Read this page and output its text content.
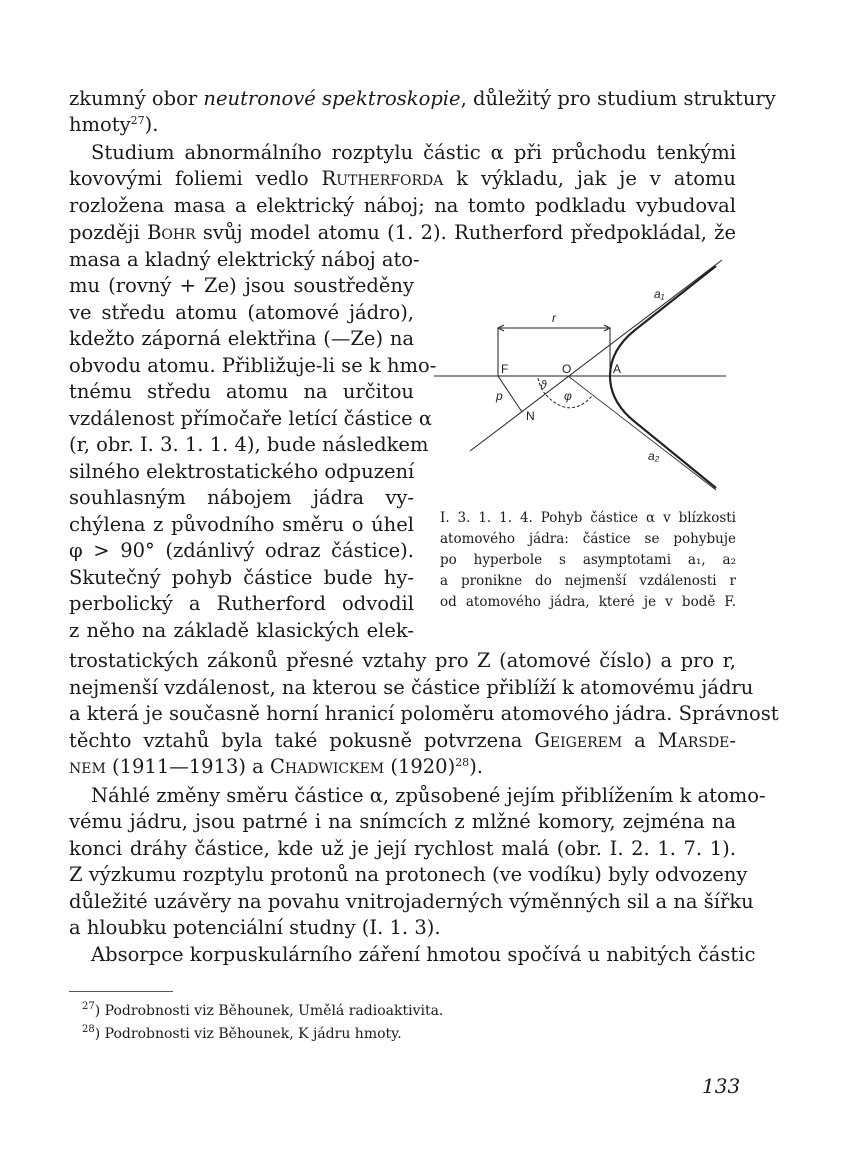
zkumný obor neutronové spektroskopie, důležitý pro studium struktury
hmoty$^{27}$).
Studium abnormálního rozptylu částic α při průchodu tenkými
kovovými foliemi vedlo Rutherforda k výkladu, jak je v atomu
rozložena masa a elektrický náboj; na tomto podkladu vybudoval
později Bohr svůj model atomu (1. 2). Rutherford předpokládal, že
masa a kladný elektrický náboj ato-
mu (rovný + Ze) jsou soustředěny
ve středu atomu (atomové jádro),
kdežto záporná elektřina (—Ze) na
obvodu atomu. Přibližuje-li se k hmo-
tnému středu atomu na určitou
vzdálenost přímočaře letící částice α
(r, obr. I. 3. 1. 1. 4), bude následkem
silného elektrostatického odpuzení
souhlasným nábojem jádra vy-
chýlena z původního směru o úhel
φ > 90° (zdánlivý odraz částice).
Skutečný pohyb částice bude hy-
perbolický a Rutherford odvodil
z něho na základě klasických elek-
r
a₁
a₂
F	O	A
p
N
ϑ
φ
I. 3. 1. 1. 4. Pohyb částice α v blízkosti
atomového jádra: částice se pohybuje
po hyperbole s asymptotami a₁, a₂
a pronikne do nejmenší vzdálenosti r
od atomového jádra, které je v bodě F.
trostatických zákonů přesné vztahy pro Z (atomové číslo) a pro r,
nejmenší vzdálenost, na kterou se částice přiblíží k atomovému jádru
a která je současně horní hranicí poloměru atomového jádra. Správnost
těchto vztahů byla také pokusně potvrzena Geigerem a Marsde-
nem (1911—1913) a Chadwickem $(1920)^{28}$).
Náhlé změny směru částice α, způsobené jejím přiblížením k atomo-
vému jádru, jsou patrné i na snímcích z mlžné komory, zejména na
konci dráhy částice, kde už je její rychlost malá (obr. I. 2. 1. 7. 1).
Z výzkumu rozptylu protonů na protonech (ve vodíku) byly odvozeny
důležité uzávěry na povahu vnitrojaderných výměnných sil a na šířku
a hloubku potenciální studny (I. 1. 3).
Absorpce korpuskulárního záření hmotou spočívá u nabitých částic
$^{27}$) Podrobnosti viz Běhounek, Umělá radioaktivita.
$^{28}$) Podrobnosti viz Běhounek, K jádru hmoty.
133
